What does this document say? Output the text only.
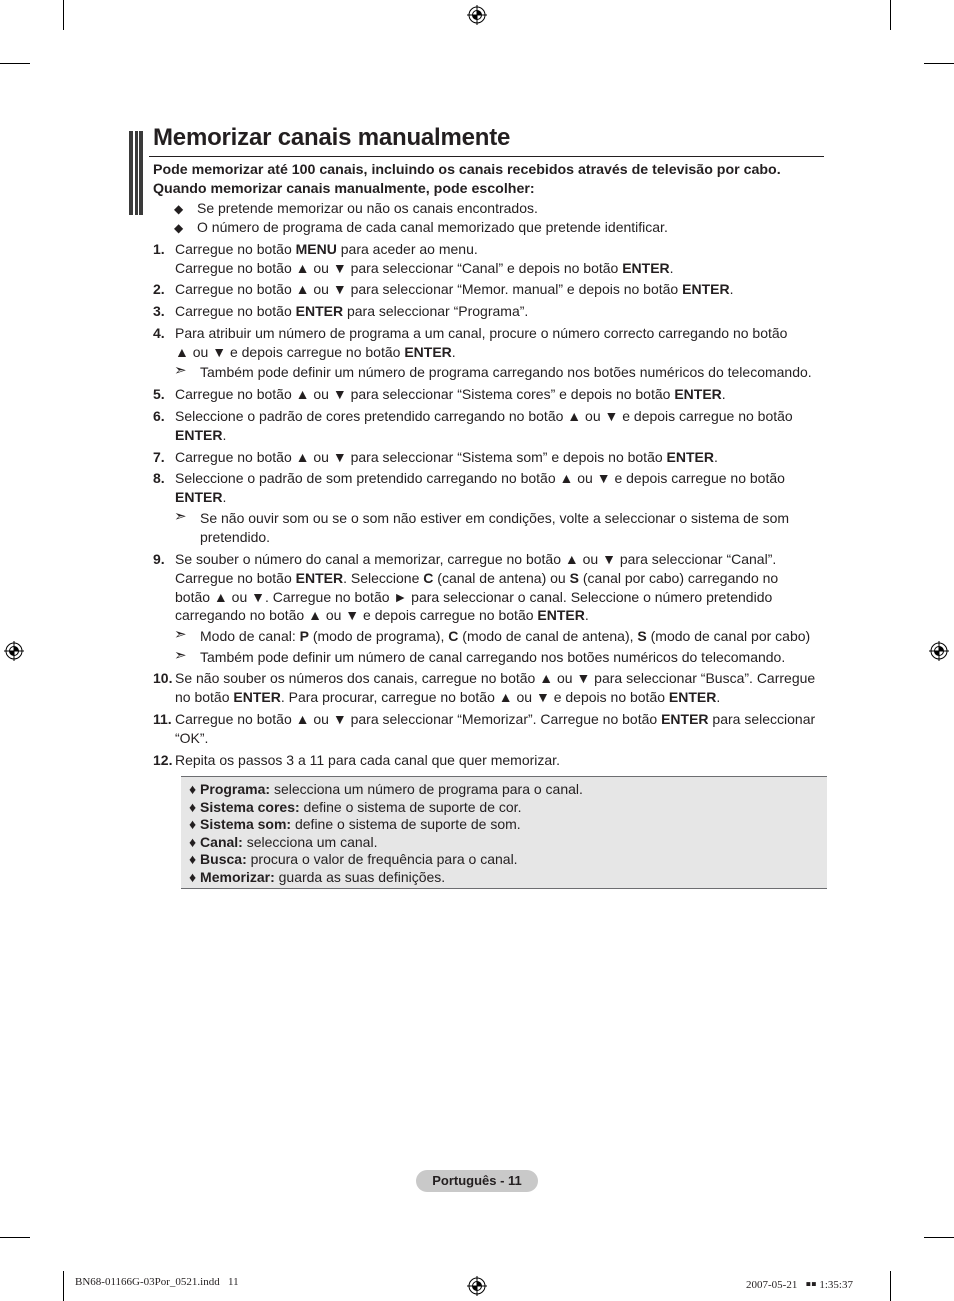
Memorizar canais manualmente
Pode memorizar até 100 canais, incluindo os canais recebidos através de televisão por cabo.
Quando memorizar canais manualmente, pode escolher:
◆ Se pretende memorizar ou não os canais encontrados.
◆ O número de programa de cada canal memorizado que pretende identificar.
1. Carregue no botão MENU para aceder ao menu.
Carregue no botão ▲ ou ▼ para seleccionar “Canal” e depois no botão ENTER.
2. Carregue no botão ▲ ou ▼ para seleccionar “Memor. manual” e depois no botão ENTER.
3. Carregue no botão ENTER para seleccionar “Programa”.
4. Para atribuir um número de programa a um canal, procure o número correcto carregando no botão
▲ ou ▼ e depois carregue no botão ENTER.
➣ Também pode definir um número de programa carregando nos botões numéricos do telecomando.
5. Carregue no botão ▲ ou ▼ para seleccionar “Sistema cores” e depois no botão ENTER.
6. Seleccione o padrão de cores pretendido carregando no botão ▲ ou ▼ e depois carregue no botão
ENTER.
7. Carregue no botão ▲ ou ▼ para seleccionar “Sistema som” e depois no botão ENTER.
8. Seleccione o padrão de som pretendido carregando no botão ▲ ou ▼ e depois carregue no botão
ENTER.
➣ Se não ouvir som ou se o som não estiver em condições, volte a seleccionar o sistema de som
pretendido.
9. Se souber o número do canal a memorizar, carregue no botão ▲ ou ▼ para seleccionar “Canal”.
Carregue no botão ENTER. Seleccione C (canal de antena) ou S (canal por cabo) carregando no
botão ▲ ou ▼. Carregue no botão ► para seleccionar o canal. Seleccione o número pretendido
carregando no botão ▲ ou ▼ e depois carregue no botão ENTER.
➣ Modo de canal: P (modo de programa), C (modo de canal de antena), S (modo de canal por cabo)
➣ Também pode definir um número de canal carregando nos botões numéricos do telecomando.
10. Se não souber os números dos canais, carregue no botão ▲ ou ▼ para seleccionar “Busca”. Carregue
no botão ENTER. Para procurar, carregue no botão ▲ ou ▼ e depois no botão ENTER.
11. Carregue no botão ▲ ou ▼ para seleccionar “Memorizar”. Carregue no botão ENTER para seleccionar
“OK”.
12. Repita os passos 3 a 11 para cada canal que quer memorizar.
♦ Programa: selecciona um número de programa para o canal.
♦ Sistema cores: define o sistema de suporte de cor.
♦ Sistema som: define o sistema de suporte de som.
♦ Canal: selecciona um canal.
♦ Busca: procura o valor de frequência para o canal.
♦ Memorizar: guarda as suas definições.
Português - 11
BN68-01166G-03Por_0521.indd   11	2007-05-21   ￭￭ 1:35:37
